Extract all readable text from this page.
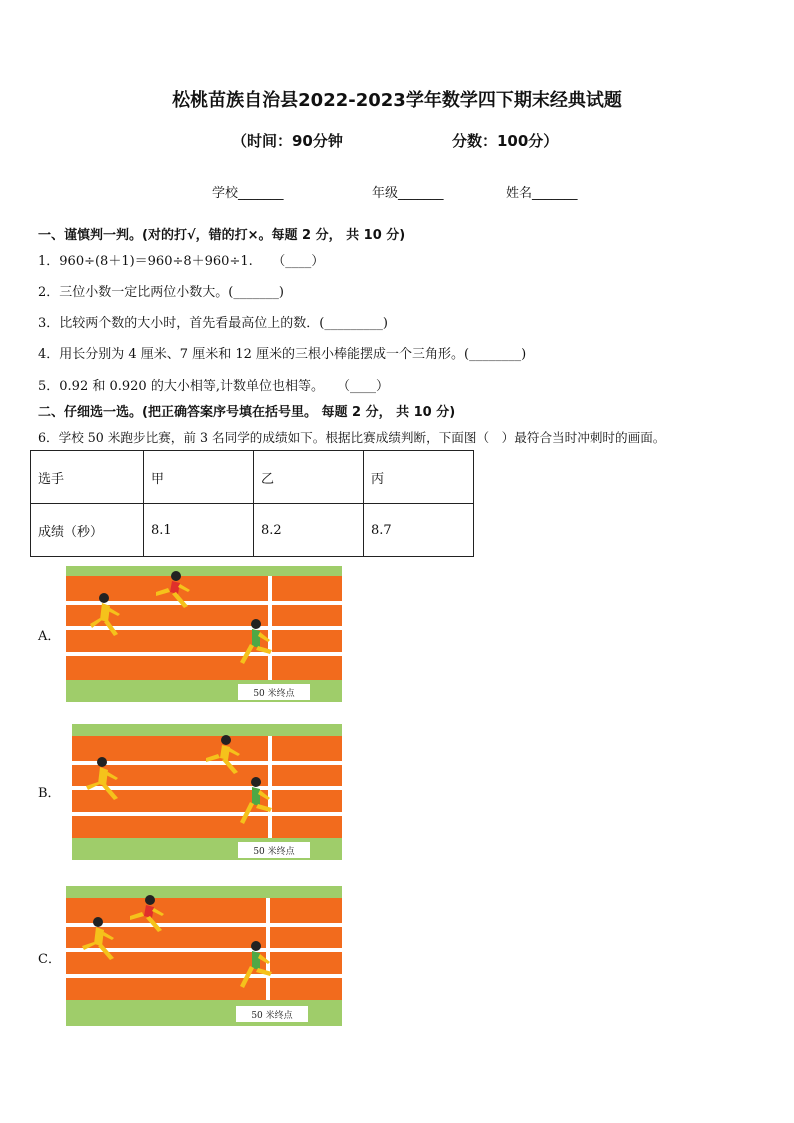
松桃苗族自治县2022-2023学年数学四下期末经典试题
（时间：90分钟	分数：100分）
学校_______	年级_______	姓名_______
一、谨慎判一判。(对的打√，错的打×。每题 2 分， 共 10 分)
1．960÷(8＋1)＝960÷8＋960÷1.　　（____）
2．三位小数一定比两位小数大。(_______)
3．比较两个数的大小时，首先看最高位上的数．(_________)
4．用长分别为 4 厘米、7 厘米和 12 厘米的三根小棒能摆成一个三角形。(________)
5．0.92 和 0.920 的大小相等,计数单位也相等。　　（____）
二、仔细选一选。(把正确答案序号填在括号里。 每题 2 分， 共 10 分)
6．学校 50 米跑步比赛，前 3 名同学的成绩如下。根据比赛成绩判断，下面图（　）最符合当时冲刺时的画面。
选手	甲	乙	丙
成绩（秒）	8.1	8.2	8.7
A．
50 米终点
B．
50 米终点
C．
50 米终点
